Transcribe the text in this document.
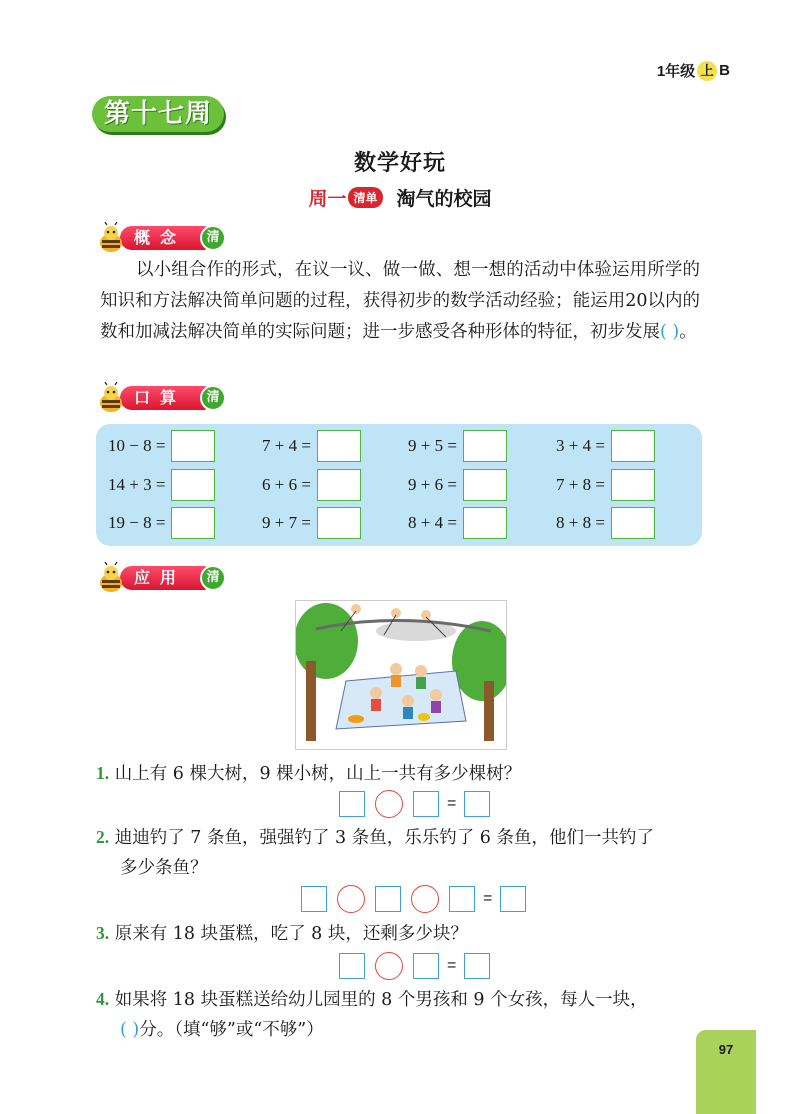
1年级 上 B
第十七周
数学好玩
周一 清单 淘气的校园
概念	清
以小组合作的形式，在议一议、做一做、想一想的活动中体验运用所学的知识和方法解决简单问题的过程，获得初步的数学活动经验；能运用20以内的数和加减法解决简单的实际问题；进一步感受各种形体的特征，初步发展( )。
口算	清
10 − 8 =	7 + 4 =	9 + 5 =	3 + 4 =
14 + 3 =	6 + 6 =	9 + 6 =	7 + 8 =
19 − 8 =	9 + 7 =	8 + 4 =	8 + 8 =
应用	清
1. 山上有 6 棵大树，9 棵小树，山上一共有多少棵树？
=
2. 迪迪钓了 7 条鱼，强强钓了 3 条鱼，乐乐钓了 6 条鱼，他们一共钓了
多少条鱼？
=
3. 原来有 18 块蛋糕，吃了 8 块，还剩多少块？
=
4. 如果将 18 块蛋糕送给幼儿园里的 8 个男孩和 9 个女孩，每人一块，
( )分。（填“够”或“不够”）
97
